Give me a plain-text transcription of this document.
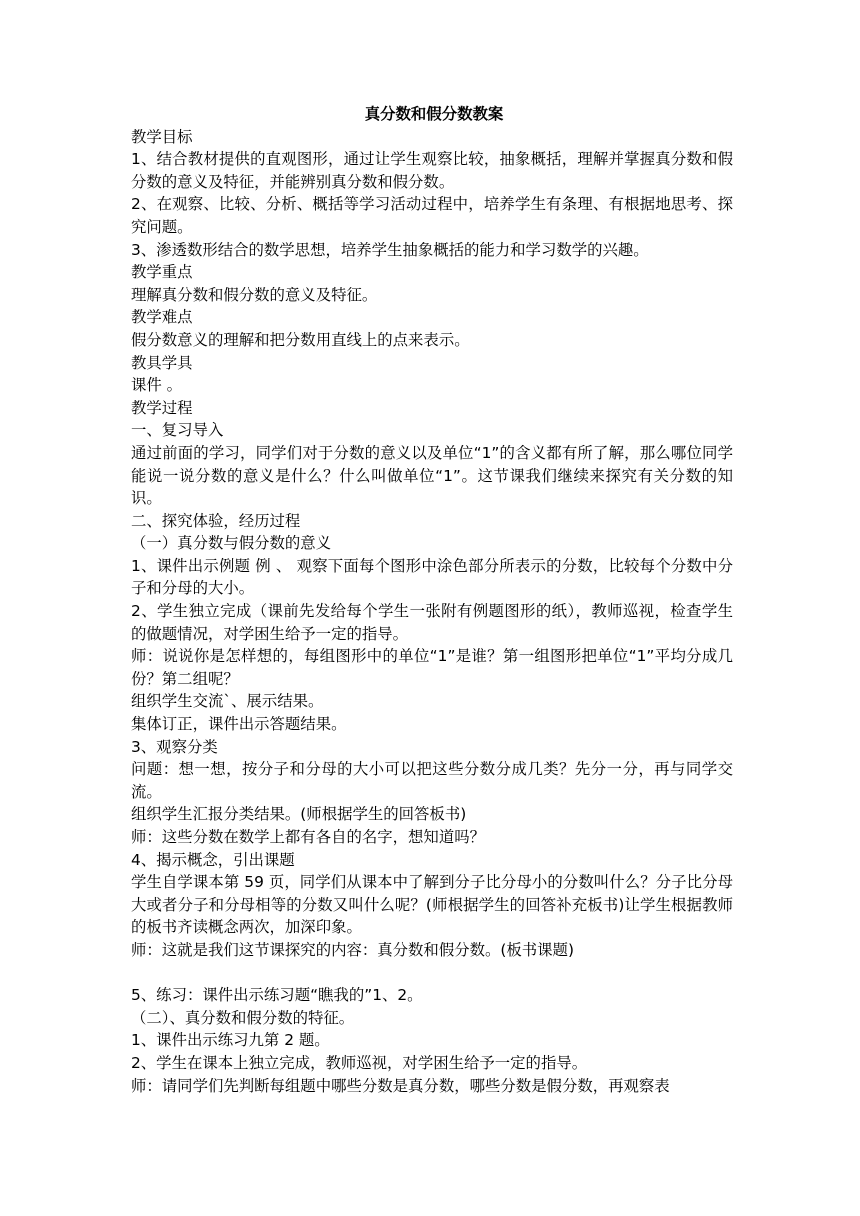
真分数和假分数教案

教学目标

1、结合教材提供的直观图形，通过让学生观察比较，抽象概括，理解并掌握真分数和假分数的意义及特征，并能辨别真分数和假分数。

2、在观察、比较、分析、概括等学习活动过程中，培养学生有条理、有根据地思考、探究问题。

3、渗透数形结合的数学思想，培养学生抽象概括的能力和学习数学的兴趣。

教学重点

理解真分数和假分数的意义及特征。

教学难点

假分数意义的理解和把分数用直线上的点来表示。

教具学具

课件 。

教学过程

一、复习导入

通过前面的学习，同学们对于分数的意义以及单位“1”的含义都有所了解，那么哪位同学能说一说分数的意义是什么？什么叫做单位“1”。这节课我们继续来探究有关分数的知识。

二、探究体验，经历过程

（一）真分数与假分数的意义

1、课件出示例题 例 、 观察下面每个图形中涂色部分所表示的分数，比较每个分数中分子和分母的大小。

2、学生独立完成（课前先发给每个学生一张附有例题图形的纸），教师巡视，检查学生的做题情况，对学困生给予一定的指导。

师：说说你是怎样想的，每组图形中的单位“1”是谁？第一组图形把单位“1”平均分成几份？第二组呢？

组织学生交流`、展示结果。

集体订正，课件出示答题结果。

3、观察分类

问题：想一想，按分子和分母的大小可以把这些分数分成几类？先分一分，再与同学交流。

组织学生汇报分类结果。(师根据学生的回答板书)

师：这些分数在数学上都有各自的名字，想知道吗？

4、揭示概念，引出课题

学生自学课本第 59 页，同学们从课本中了解到分子比分母小的分数叫什么？分子比分母大或者分子和分母相等的分数又叫什么呢？(师根据学生的回答补充板书)让学生根据教师的板书齐读概念两次，加深印象。

师：这就是我们这节课探究的内容：真分数和假分数。(板书课题)

5、练习：课件出示练习题“瞧我的”1、2。

（二）、真分数和假分数的特征。

1、课件出示练习九第 2 题。

2、学生在课本上独立完成，教师巡视，对学困生给予一定的指导。

师：请同学们先判断每组题中哪些分数是真分数，哪些分数是假分数，再观察表
